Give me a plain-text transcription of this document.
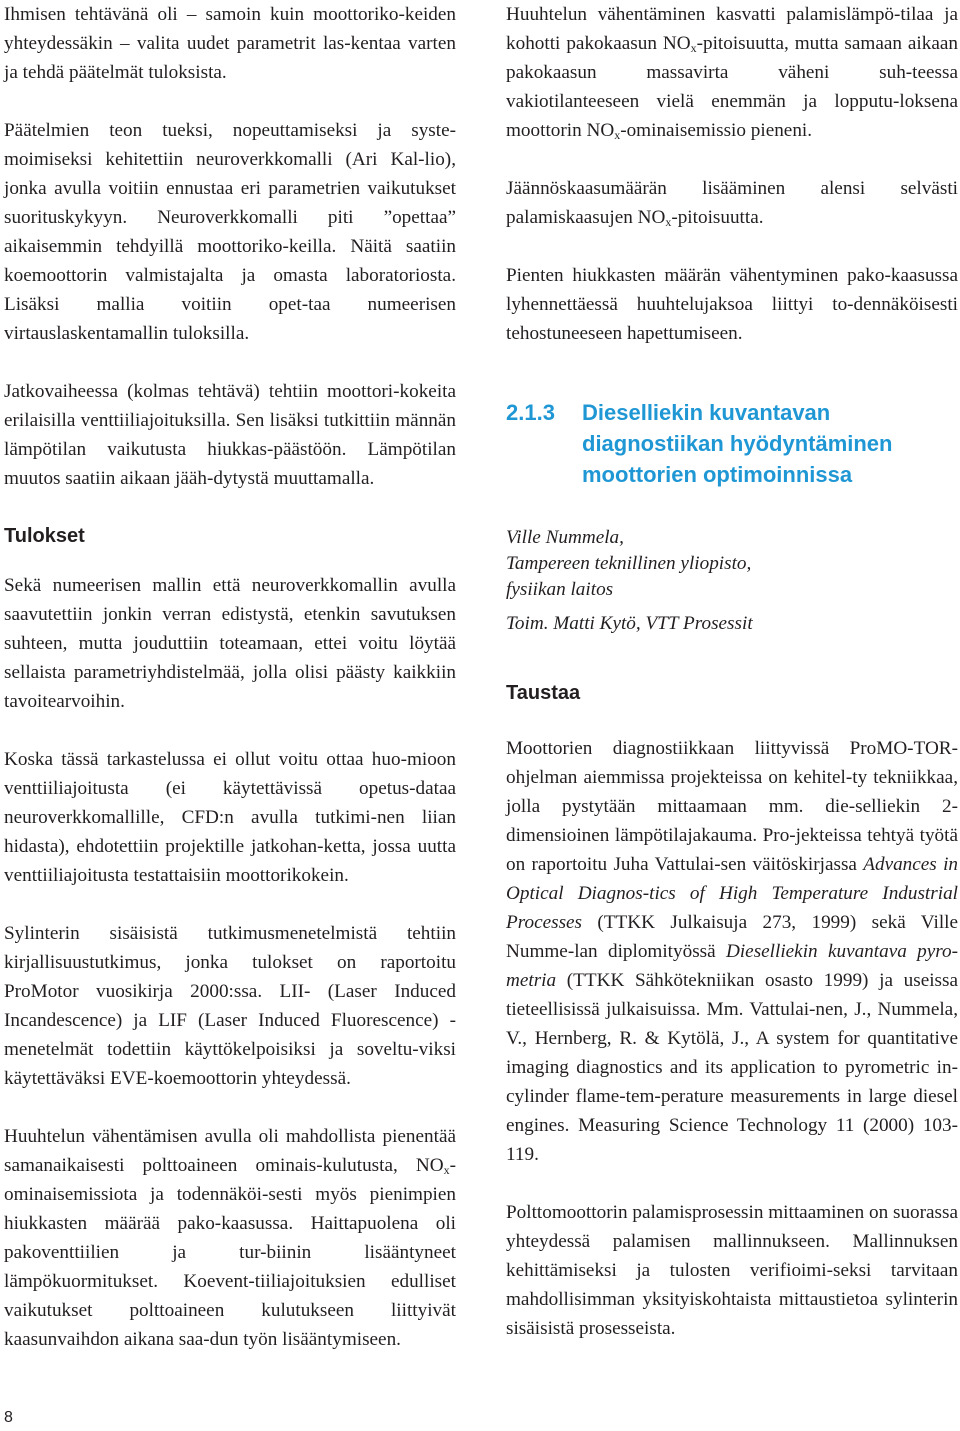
Ihmisen tehtävänä oli – samoin kuin moottoriko-keiden yhteydessäkin – valita uudet parametrit las-kentaa varten ja tehdä päätelmät tuloksista.

Päätelmien teon tueksi, nopeuttamiseksi ja syste-moimiseksi kehitettiin neuroverkkomalli (Ari Kal-lio), jonka avulla voitiin ennustaa eri parametrien vaikutukset suorituskykyyn. Neuroverkkomalli piti ”opettaa” aikaisemmin tehdyillä moottoriko-keilla. Näitä saatiin koemoottorin valmistajalta ja omasta laboratoriosta. Lisäksi mallia voitiin opet-taa numeerisen virtauslaskentamallin tuloksilla.

Jatkovaiheessa (kolmas tehtävä) tehtiin moottori-kokeita erilaisilla venttiiliajoituksilla. Sen lisäksi tutkittiin männän lämpötilan vaikutusta hiukkas-päästöön. Lämpötilan muutos saatiin aikaan jääh-dytystä muuttamalla.

Tulokset

Sekä numeerisen mallin että neuroverkkomallin avulla saavutettiin jonkin verran edistystä, etenkin savutuksen suhteen, mutta jouduttiin toteamaan, ettei voitu löytää sellaista parametriyhdistelmää, jolla olisi päästy kaikkiin tavoitearvoihin.

Koska tässä tarkastelussa ei ollut voitu ottaa huo-mioon venttiiliajoitusta (ei käytettävissä opetus-dataa neuroverkkomallille, CFD:n avulla tutkimi-nen liian hidasta), ehdotettiin projektille jatkohan-ketta, jossa uutta venttiiliajoitusta testattaisiin moottorikokein.

Sylinterin sisäisistä tutkimusmenetelmistä tehtiin kirjallisuustutkimus, jonka tulokset on raportoitu ProMotor vuosikirja 2000:ssa. LII- (Laser Induced Incandescence) ja LIF (Laser Induced Fluorescence) -menetelmät todettiin käyttökelpoisiksi ja soveltu-viksi käytettäväksi EVE-koemoottorin yhteydessä.

Huuhtelun vähentämisen avulla oli mahdollista pienentää samanaikaisesti polttoaineen ominais-kulutusta, $NO_x$-ominaisemissiota ja todennäköi-sesti myös pienimpien hiukkasten määrää pako-kaasussa. Haittapuolena oli pakoventtiilien ja tur-biinin lisääntyneet lämpökuormitukset. Koevent-tiiliajoituksien edulliset vaikutukset polttoaineen kulutukseen liittyivät kaasunvaihdon aikana saa-dun työn lisääntymiseen.

Huuhtelun vähentäminen kasvatti palamislämpö-tilaa ja kohotti pakokaasun $NO_x$-pitoisuutta, mutta samaan aikaan pakokaasun massavirta väheni suh-teessa vakiotilanteeseen vielä enemmän ja lopputu-loksena moottorin $NO_x$-ominaisemissio pieneni.

Jäännöskaasumäärän lisääminen alensi selvästi palamiskaasujen $NO_x$-pitoisuutta.

Pienten hiukkasten määrän vähentyminen pako-kaasussa lyhennettäessä huuhtelujaksoa liittyi to-dennäköisesti tehostuneeseen hapettumiseen.

2.1.3	Dieselliekin kuvantavan diagnostiikan hyödyntäminen moottorien optimoinnissa

Ville Nummela,

Tampereen teknillinen yliopisto,

fysiikan laitos

Toim. Matti Kytö, VTT Prosessit

Taustaa

Moottorien diagnostiikkaan liittyvissä ProMO-TOR-ohjelman aiemmissa projekteissa on kehitel-ty tekniikkaa, jolla pystytään mittaamaan mm. die-selliekin 2-dimensioinen lämpötilajakauma. Pro-jekteissa tehtyä työtä on raportoitu Juha Vattulai-sen väitöskirjassa Advances in Optical Diagnos-tics of High Temperature Industrial Processes (TTKK Julkaisuja 273, 1999) sekä Ville Numme-lan diplomityössä Dieselliekin kuvantava pyro-metria (TTKK Sähkötekniikan osasto 1999) ja useissa tieteellisissä julkaisuissa. Mm. Vattulai-nen, J., Nummela, V., Hernberg, R. & Kytölä, J., A system for quantitative imaging diagnostics and its application to pyrometric in-cylinder flame-tem-perature measurements in large diesel engines. Measuring Science Technology 11 (2000) 103-119.

Polttomoottorin palamisprosessin mittaaminen on suorassa yhteydessä palamisen mallinnukseen. Mallinnuksen kehittämiseksi ja tulosten verifioimi-seksi tarvitaan mahdollisimman yksityiskohtaista mittaustietoa sylinterin sisäisistä prosesseista.

8
